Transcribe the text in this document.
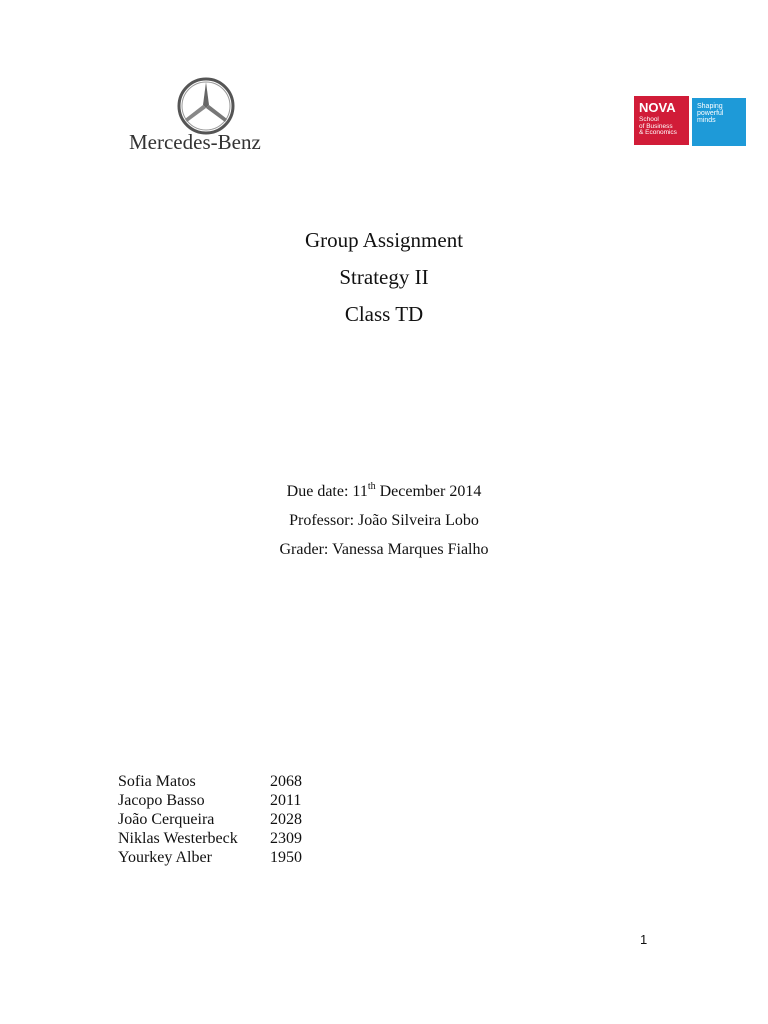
Mercedes-Benz
NOVA
School
of Business
& Economics
Shaping
powerful
minds
Group Assignment
Strategy II
Class TD
Due date: 11th December 2014
Professor: João Silveira Lobo
Grader: Vanessa Marques Fialho
Sofia Matos	2068
Jacopo Basso	2011
João Cerqueira	2028
Niklas Westerbeck	2309
Yourkey Alber	1950
1
